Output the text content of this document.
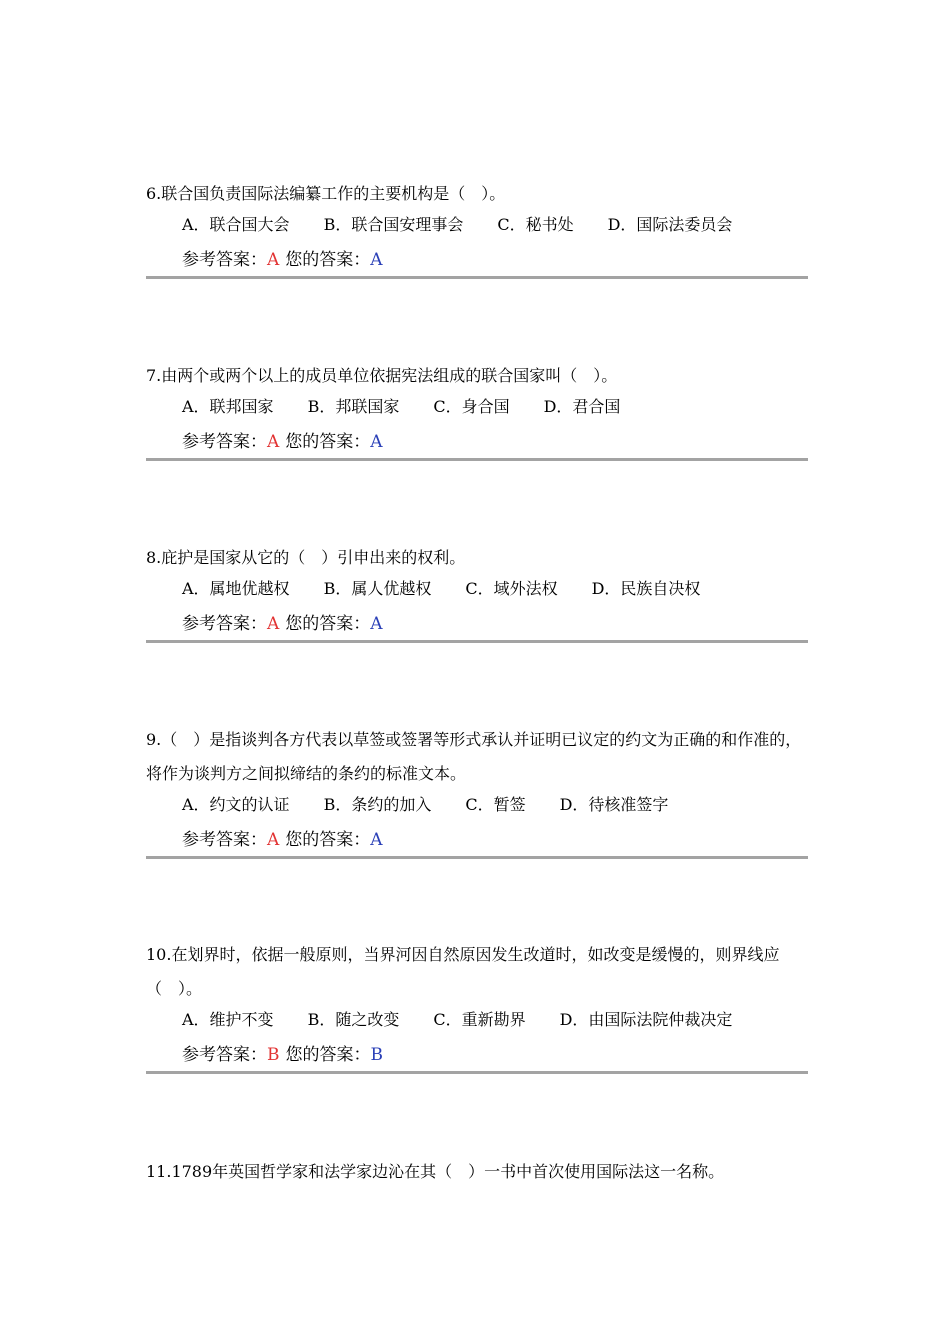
6.联合国负责国际法编纂工作的主要机构是（　）。

A．联合国大会 B．联合国安理事会 C．秘书处 D．国际法委员会
参考答案：A 您的答案：A

7.由两个或两个以上的成员单位依据宪法组成的联合国家叫（　）。

A．联邦国家 B．邦联国家 C．身合国 D．君合国
参考答案：A 您的答案：A

8.庇护是国家从它的（　）引申出来的权利。

A．属地优越权 B．属人优越权 C．域外法权 D．民族自决权
参考答案：A 您的答案：A

9.（　）是指谈判各方代表以草签或签署等形式承认并证明已议定的约文为正确的和作准的，将作为谈判方之间拟缔结的条约的标准文本。

A．约文的认证 B．条约的加入 C．暂签 D．待核准签字
参考答案：A 您的答案：A

10.在划界时，依据一般原则，当界河因自然原因发生改道时，如改变是缓慢的，则界线应（　）。

A．维护不变 B．随之改变 C．重新勘界 D．由国际法院仲裁决定
参考答案：B 您的答案：B

11.1789年英国哲学家和法学家边沁在其（　）一书中首次使用国际法这一名称。
